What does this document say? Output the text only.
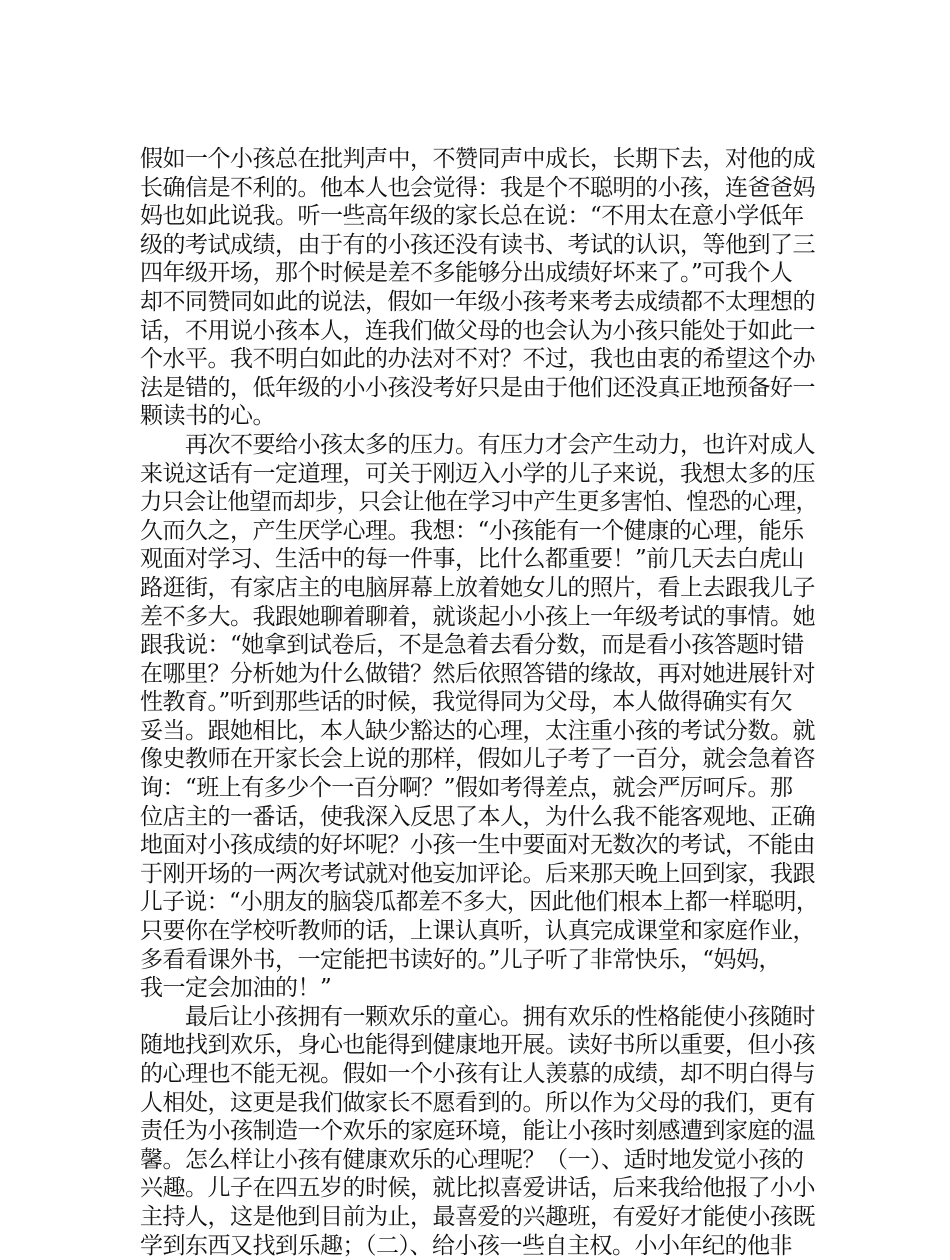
假如一个小孩总在批判声中，不赞同声中成长，长期下去，对他的成
长确信是不利的。他本人也会觉得：我是个不聪明的小孩，连爸爸妈
妈也如此说我。听一些高年级的家长总在说：“不用太在意小学低年
级的考试成绩，由于有的小孩还没有读书、考试的认识，等他到了三
四年级开场，那个时候是差不多能够分出成绩好坏来了。”可我个人
却不同赞同如此的说法，假如一年级小孩考来考去成绩都不太理想的
话，不用说小孩本人，连我们做父母的也会认为小孩只能处于如此一
个水平。我不明白如此的办法对不对？不过，我也由衷的希望这个办
法是错的，低年级的小小孩没考好只是由于他们还没真正地预备好一
颗读书的心。
　　再次不要给小孩太多的压力。有压力才会产生动力，也许对成人
来说这话有一定道理，可关于刚迈入小学的儿子来说，我想太多的压
力只会让他望而却步，只会让他在学习中产生更多害怕、惶恐的心理，
久而久之，产生厌学心理。我想：“小孩能有一个健康的心理，能乐
观面对学习、生活中的每一件事，比什么都重要！”前几天去白虎山
路逛街，有家店主的电脑屏幕上放着她女儿的照片，看上去跟我儿子
差不多大。我跟她聊着聊着，就谈起小小孩上一年级考试的事情。她
跟我说：“她拿到试卷后，不是急着去看分数，而是看小孩答题时错
在哪里？分析她为什么做错？然后依照答错的缘故，再对她进展针对
性教育。”听到那些话的时候，我觉得同为父母，本人做得确实有欠
妥当。跟她相比，本人缺少豁达的心理，太注重小孩的考试分数。就
像史教师在开家长会上说的那样，假如儿子考了一百分，就会急着咨
询：“班上有多少个一百分啊？”假如考得差点，就会严厉呵斥。那
位店主的一番话，使我深入反思了本人，为什么我不能客观地、正确
地面对小孩成绩的好坏呢？小孩一生中要面对无数次的考试，不能由
于刚开场的一两次考试就对他妄加评论。后来那天晚上回到家，我跟
儿子说：“小朋友的脑袋瓜都差不多大，因此他们根本上都一样聪明，
只要你在学校听教师的话，上课认真听，认真完成课堂和家庭作业，
多看看课外书，一定能把书读好的。”儿子听了非常快乐，“妈妈，
我一定会加油的！”
　　最后让小孩拥有一颗欢乐的童心。拥有欢乐的性格能使小孩随时
随地找到欢乐，身心也能得到健康地开展。读好书所以重要，但小孩
的心理也不能无视。假如一个小孩有让人羡慕的成绩，却不明白得与
人相处，这更是我们做家长不愿看到的。所以作为父母的我们，更有
责任为小孩制造一个欢乐的家庭环境，能让小孩时刻感遭到家庭的温
馨。怎么样让小孩有健康欢乐的心理呢？（一）、适时地发觉小孩的
兴趣。儿子在四五岁的时候，就比拟喜爱讲话，后来我给他报了小小
主持人，这是他到目前为止，最喜爱的兴趣班，有爱好才能使小孩既
学到东西又找到乐趣；（二）、给小孩一些自主权。小小年纪的他非
